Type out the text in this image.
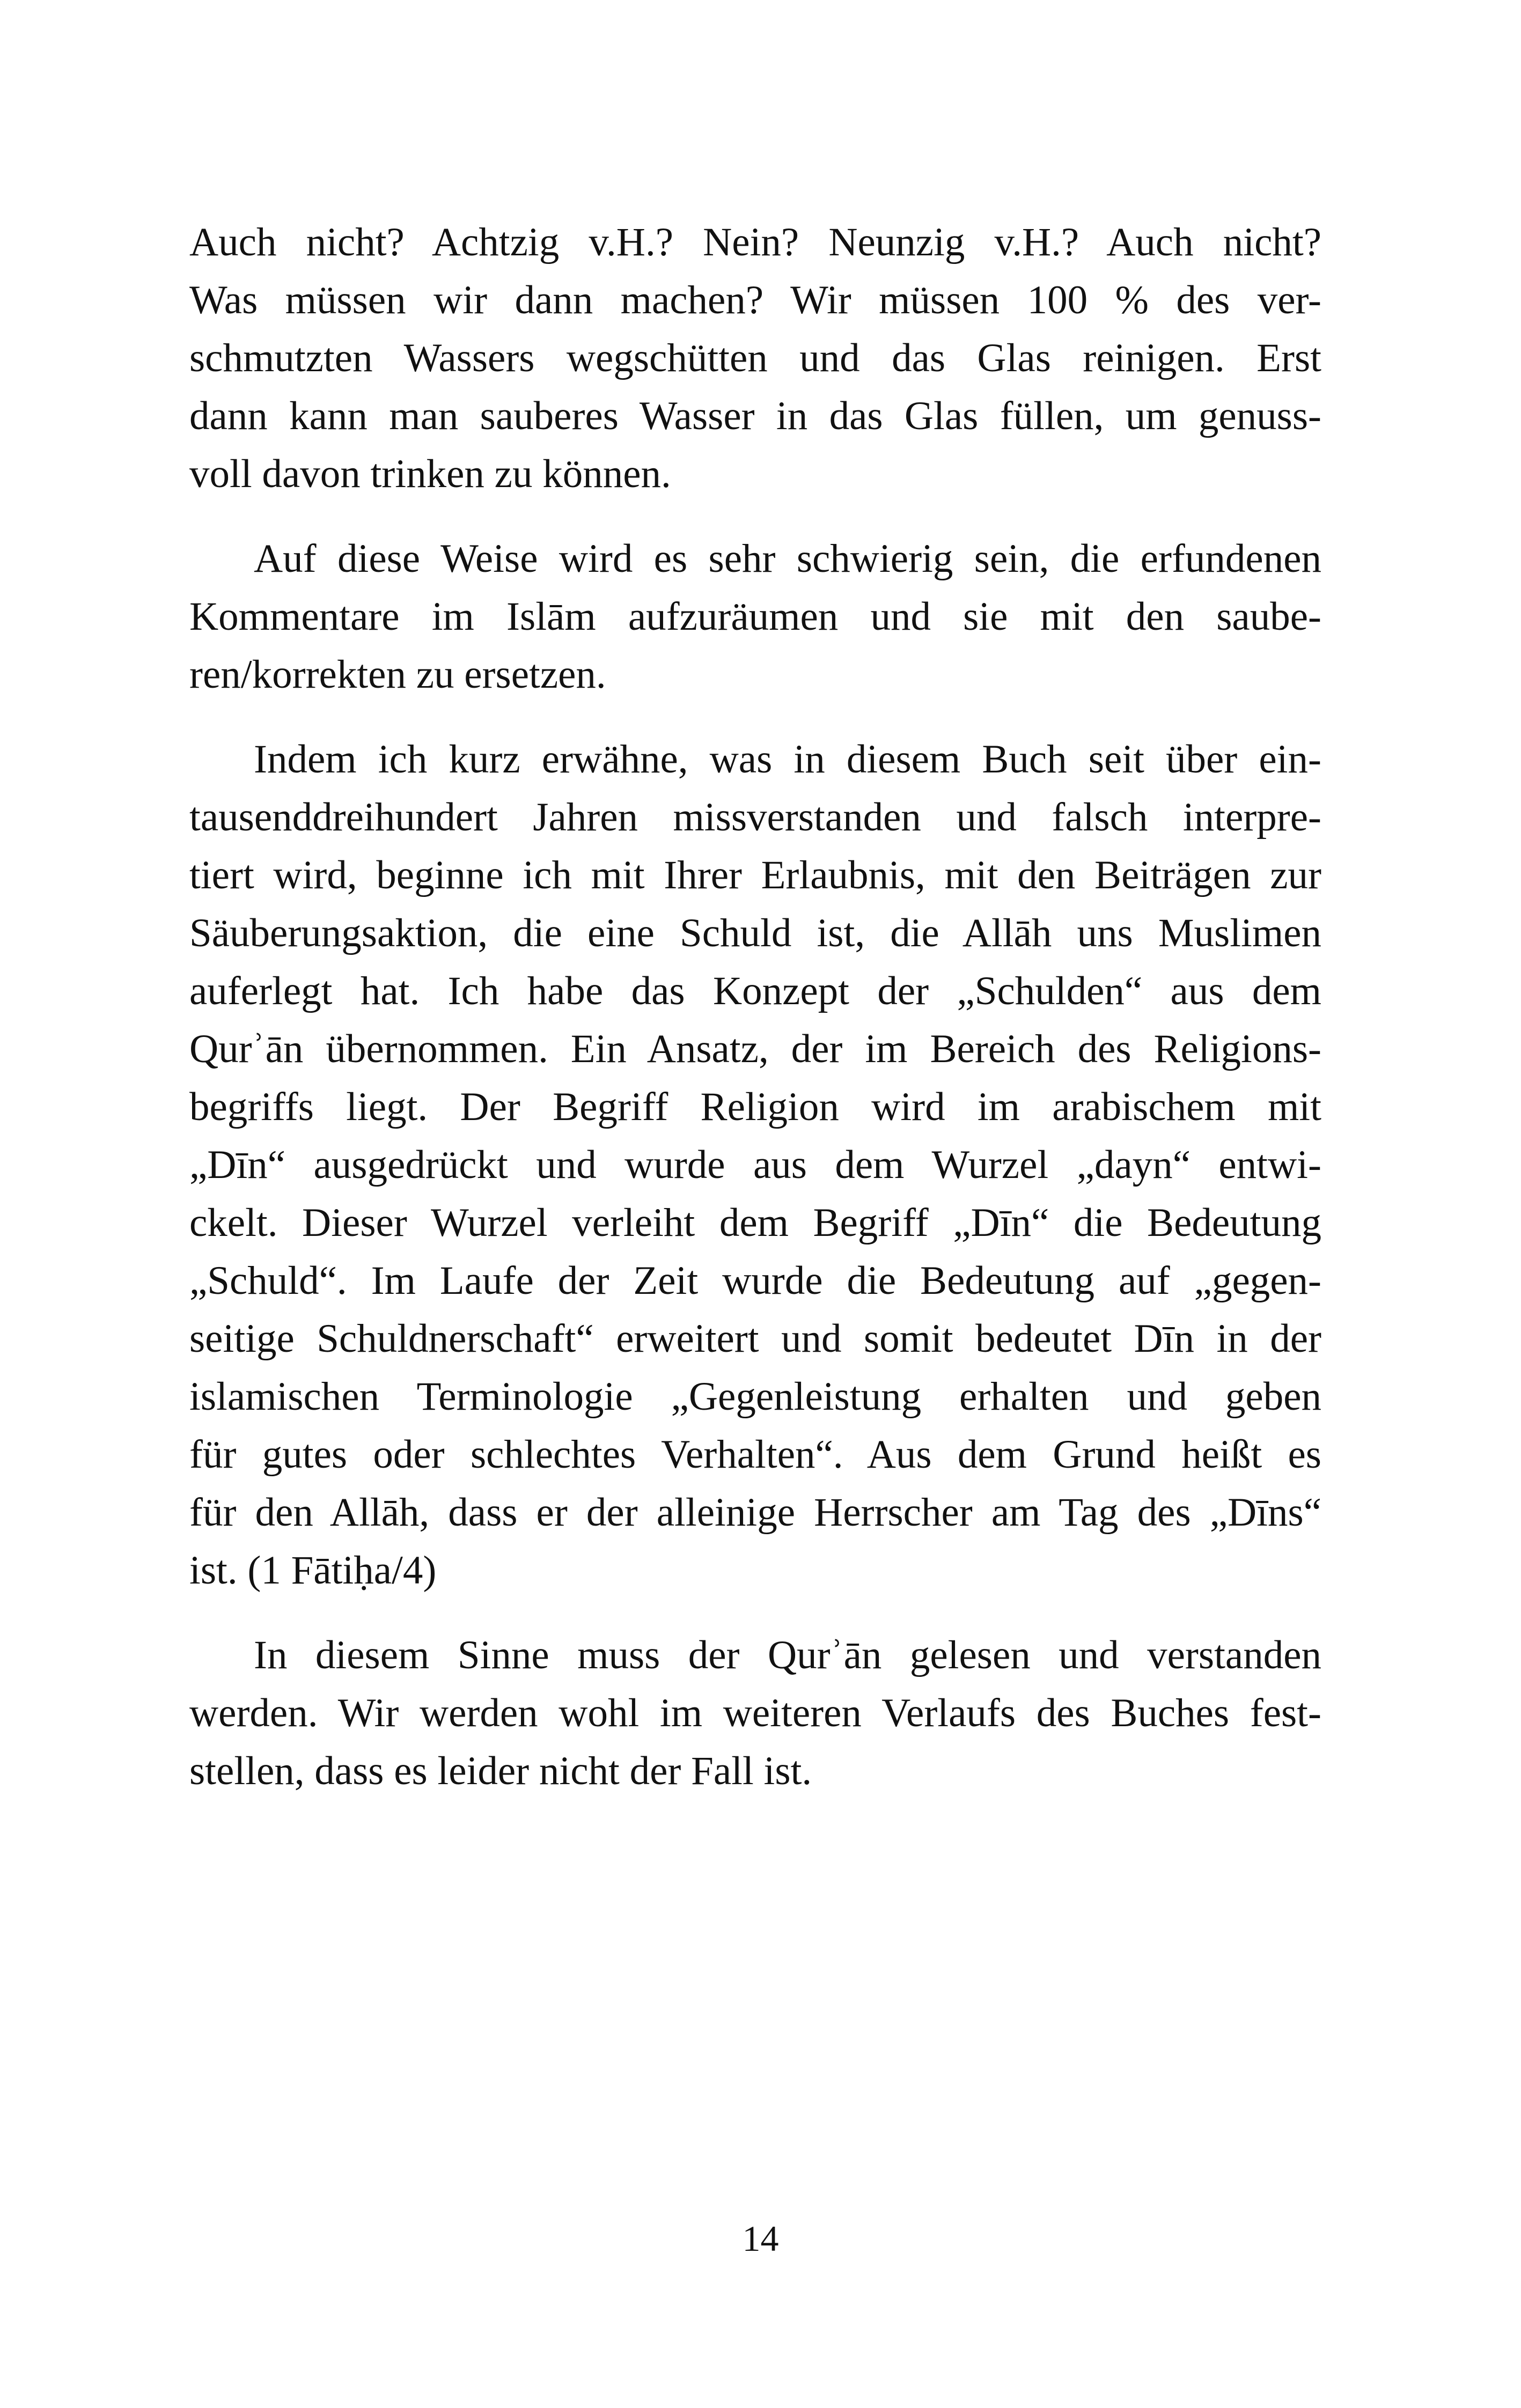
Auch nicht? Achtzig v.H.? Nein? Neunzig v.H.? Auch nicht?
Was müssen wir dann machen? Wir müssen 100 % des ver-
schmutzten Wassers wegschütten und das Glas reinigen. Erst
dann kann man sauberes Wasser in das Glas füllen, um genuss-
voll davon trinken zu können.

Auf diese Weise wird es sehr schwierig sein, die erfundenen
Kommentare im Islām aufzuräumen und sie mit den saube-
ren/korrekten zu ersetzen.

Indem ich kurz erwähne, was in diesem Buch seit über ein-
tausenddreihundert Jahren missverstanden und falsch interpre-
tiert wird, beginne ich mit Ihrer Erlaubnis, mit den Beiträgen zur
Säuberungsaktion, die eine Schuld ist, die Allāh uns Muslimen
auferlegt hat. Ich habe das Konzept der „Schulden“ aus dem
Qurʾān übernommen. Ein Ansatz, der im Bereich des Religions-
begriffs liegt. Der Begriff Religion wird im arabischem mit
„Dīn“ ausgedrückt und wurde aus dem Wurzel „dayn“ entwi-
ckelt. Dieser Wurzel verleiht dem Begriff „Dīn“ die Bedeutung
„Schuld“. Im Laufe der Zeit wurde die Bedeutung auf „gegen-
seitige Schuldnerschaft“ erweitert und somit bedeutet Dīn in der
islamischen Terminologie „Gegenleistung erhalten und geben
für gutes oder schlechtes Verhalten“. Aus dem Grund heißt es
für den Allāh, dass er der alleinige Herrscher am Tag des „Dīns“
ist. (1 Fātiḥa/4)

In diesem Sinne muss der Qurʾān gelesen und verstanden
werden. Wir werden wohl im weiteren Verlaufs des Buches fest-
stellen, dass es leider nicht der Fall ist.

14
